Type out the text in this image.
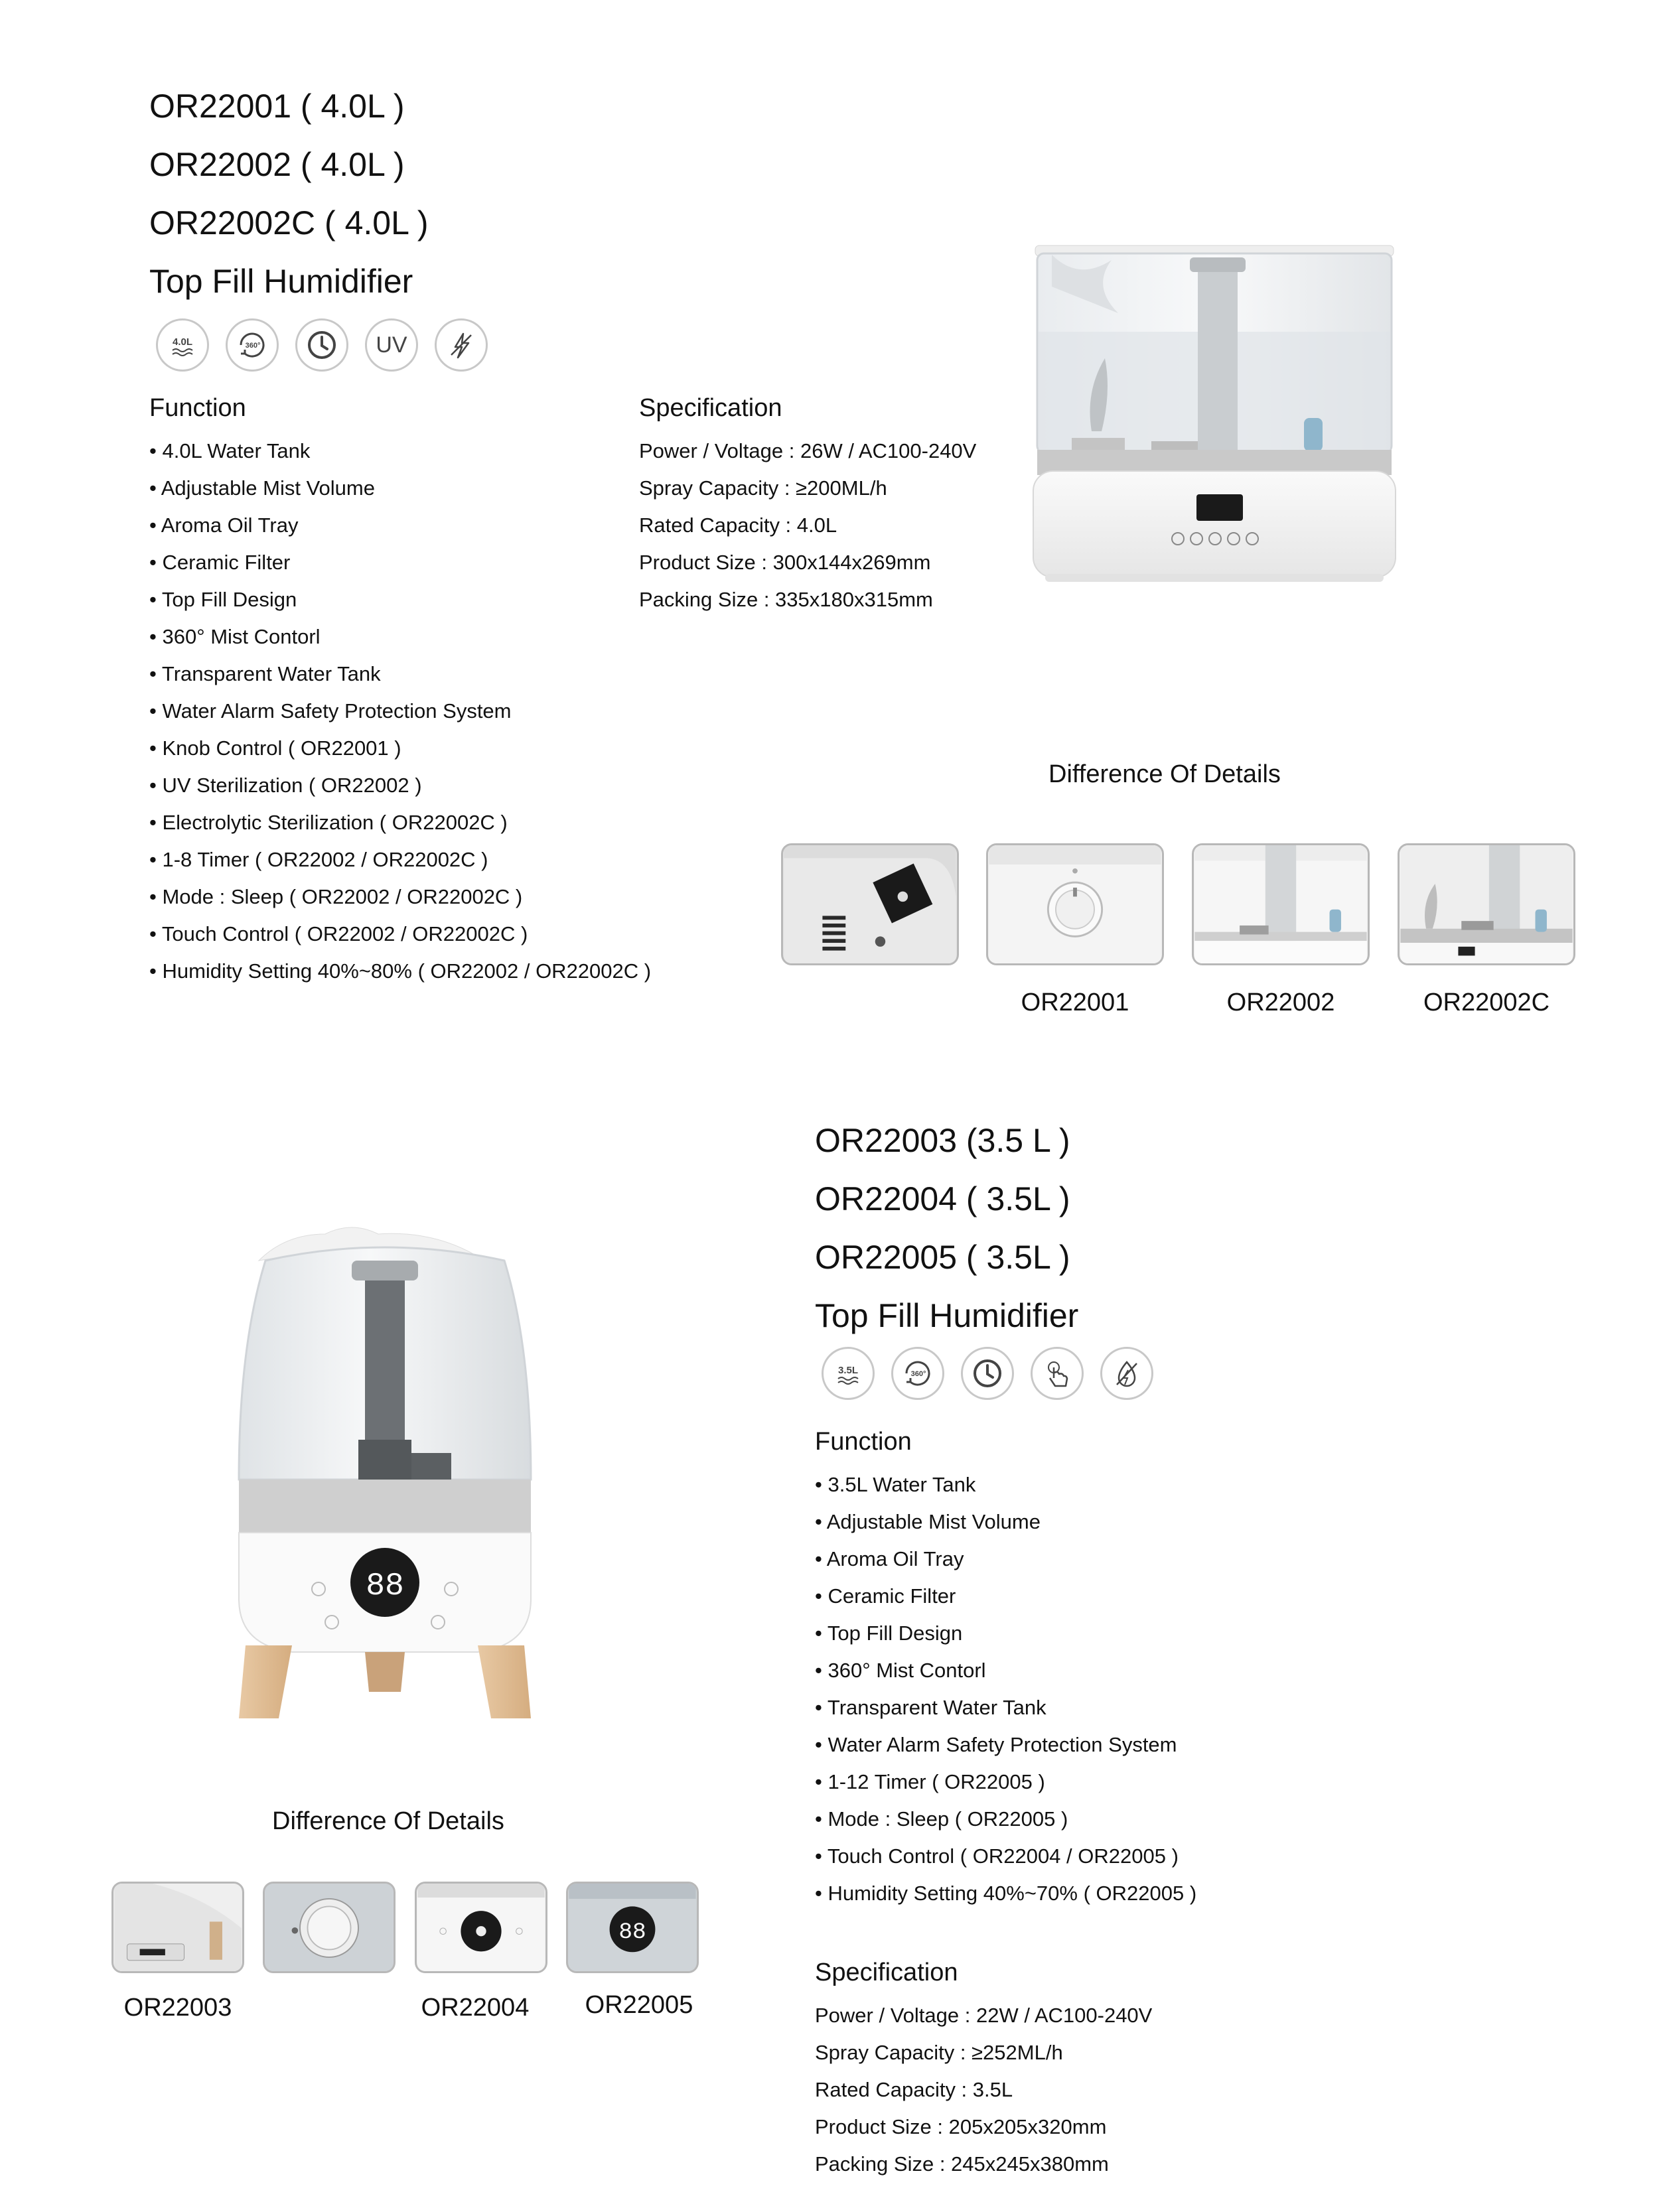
OR22001 ( 4.0L )
OR22002 ( 4.0L )
OR22002C ( 4.0L )
Top Fill Humidifier
4.0L	360°	UV
Function
• 4.0L Water Tank
• Adjustable Mist Volume
• Aroma Oil Tray
• Ceramic Filter
• Top Fill Design
• 360° Mist Contorl
• Transparent Water Tank
• Water Alarm Safety Protection System
• Knob Control ( OR22001 )
• UV Sterilization ( OR22002 )
• Electrolytic Sterilization ( OR22002C )
• 1-8 Timer ( OR22002 / OR22002C )
• Mode : Sleep ( OR22002 / OR22002C )
• Touch Control ( OR22002 / OR22002C )
• Humidity Setting 40%~80% ( OR22002 / OR22002C )
Specification
Power / Voltage : 26W / AC100-240V
Spray Capacity : ≥200ML/h
Rated Capacity : 4.0L
Product Size : 300x144x269mm
Packing Size : 335x180x315mm
Difference Of Details
OR22001	OR22002	OR22002C
OR22003 (3.5 L )
OR22004 ( 3.5L )
OR22005 ( 3.5L )
Top Fill Humidifier
3.5L	360°
Function
• 3.5L Water Tank
• Adjustable Mist Volume
• Aroma Oil Tray
• Ceramic Filter
• Top Fill Design
• 360° Mist Contorl
• Transparent Water Tank
• Water Alarm Safety Protection System
• 1-12 Timer ( OR22005 )
• Mode : Sleep ( OR22005 )
• Touch Control ( OR22004 / OR22005 )
• Humidity Setting 40%~70% ( OR22005 )
Specification
Power / Voltage : 22W / AC100-240V
Spray Capacity : ≥252ML/h
Rated Capacity : 3.5L
Product Size : 205x205x320mm
Packing Size : 245x245x380mm
88
Difference Of Details
88
OR22003	OR22004	OR22005
